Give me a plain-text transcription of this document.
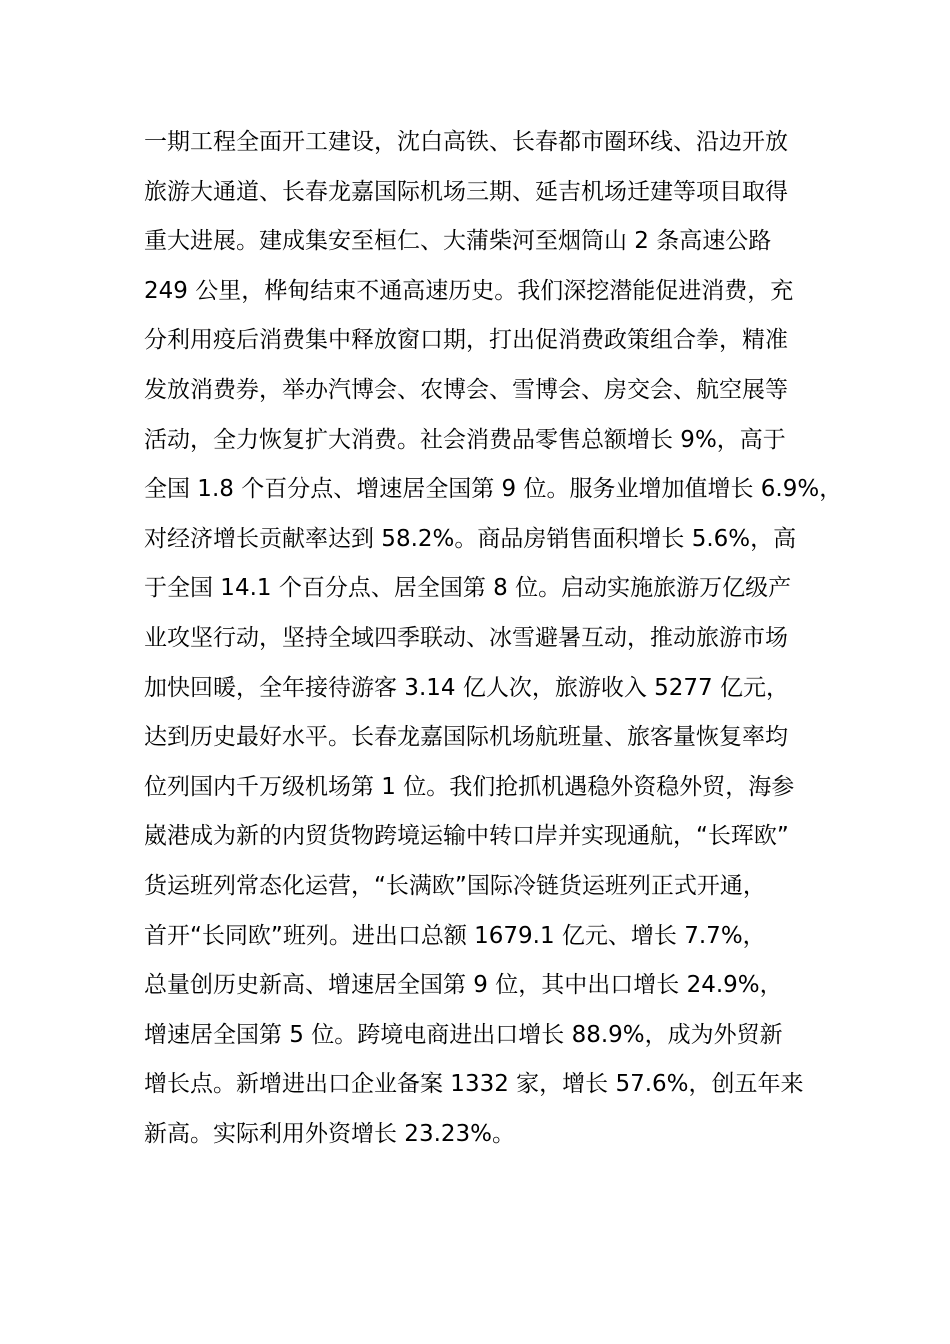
一期工程全面开工建设，沈白高铁、长春都市圈环线、沿边开放
旅游大通道、长春龙嘉国际机场三期、延吉机场迁建等项目取得
重大进展。建成集安至桓仁、大蒲柴河至烟筒山 2 条高速公路
249 公里，桦甸结束不通高速历史。我们深挖潜能促进消费，充
分利用疫后消费集中释放窗口期，打出促消费政策组合拳，精准
发放消费券，举办汽博会、农博会、雪博会、房交会、航空展等
活动，全力恢复扩大消费。社会消费品零售总额增长 9%，高于
全国 1.8 个百分点、增速居全国第 9 位。服务业增加值增长 6.9%，
对经济增长贡献率达到 58.2%。商品房销售面积增长 5.6%，高
于全国 14.1 个百分点、居全国第 8 位。启动实施旅游万亿级产
业攻坚行动，坚持全域四季联动、冰雪避暑互动，推动旅游市场
加快回暖，全年接待游客 3.14 亿人次，旅游收入 5277 亿元，
达到历史最好水平。长春龙嘉国际机场航班量、旅客量恢复率均
位列国内千万级机场第 1 位。我们抢抓机遇稳外资稳外贸，海参
崴港成为新的内贸货物跨境运输中转口岸并实现通航，“长珲欧”
货运班列常态化运营，“长满欧”国际冷链货运班列正式开通，
首开“长同欧”班列。进出口总额 1679.1 亿元、增长 7.7%，
总量创历史新高、增速居全国第 9 位，其中出口增长 24.9%，
增速居全国第 5 位。跨境电商进出口增长 88.9%，成为外贸新
增长点。新增进出口企业备案 1332 家，增长 57.6%，创五年来
新高。实际利用外资增长 23.23%。
